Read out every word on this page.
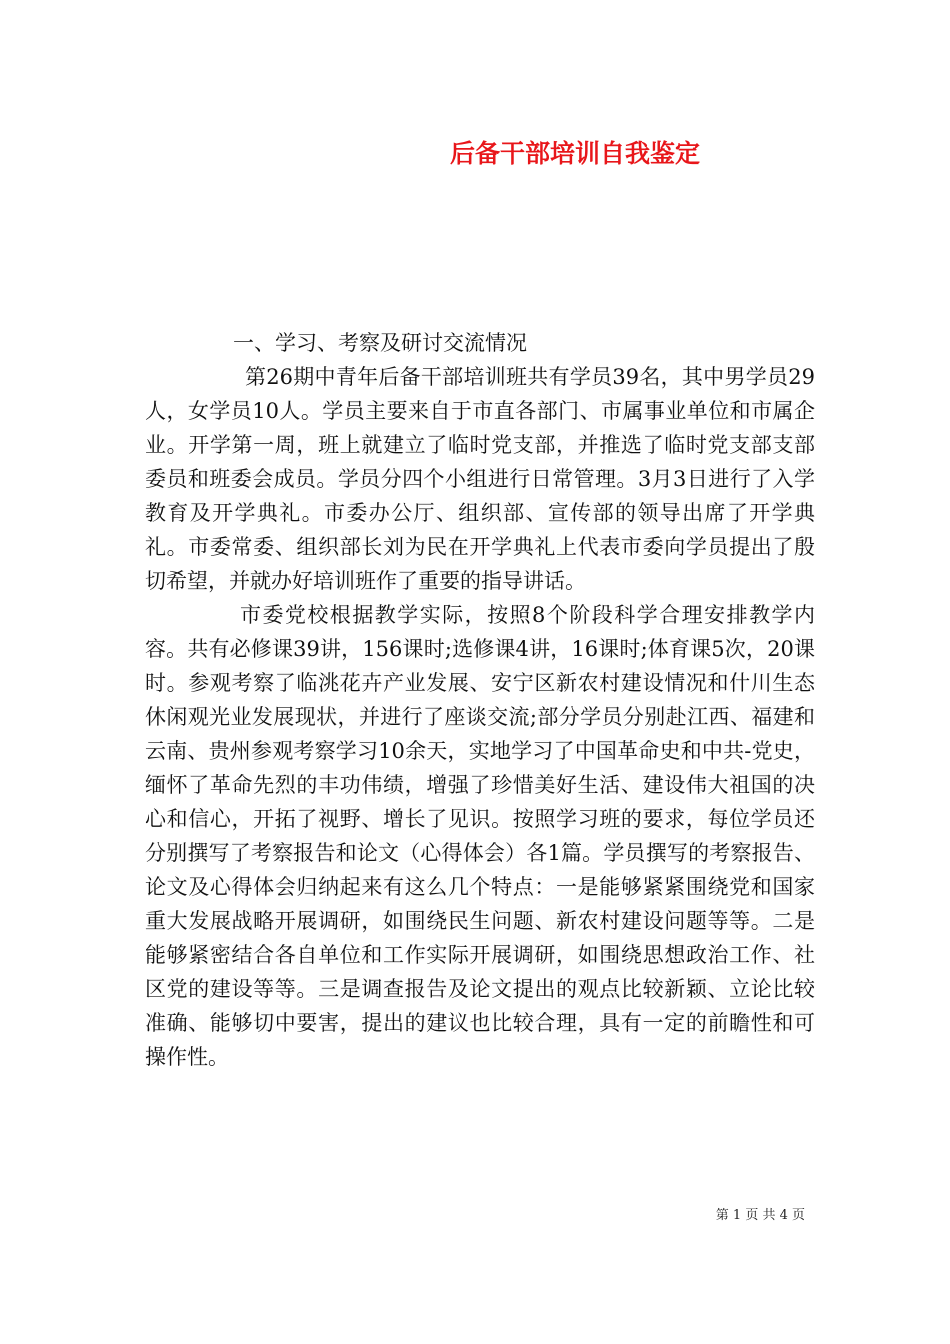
后备干部培训自我鉴定

一、学习、考察及研讨交流情况

第26期中青年后备干部培训班共有学员39名，其中男学员29人，女学员10人。学员主要来自于市直各部门、市属事业单位和市属企业。开学第一周，班上就建立了临时党支部，并推选了临时党支部支部委员和班委会成员。学员分四个小组进行日常管理。3月3日进行了入学教育及开学典礼。市委办公厅、组织部、宣传部的领导出席了开学典礼。市委常委、组织部长刘为民在开学典礼上代表市委向学员提出了殷切希望，并就办好培训班作了重要的指导讲话。

市委党校根据教学实际，按照8个阶段科学合理安排教学内容。共有必修课39讲，156课时;选修课4讲，16课时;体育课5次，20课时。参观考察了临洮花卉产业发展、安宁区新农村建设情况和什川生态休闲观光业发展现状，并进行了座谈交流;部分学员分别赴江西、福建和云南、贵州参观考察学习10余天，实地学习了中国革命史和中共-党史，缅怀了革命先烈的丰功伟绩，增强了珍惜美好生活、建设伟大祖国的决心和信心，开拓了视野、增长了见识。按照学习班的要求，每位学员还分别撰写了考察报告和论文（心得体会）各1篇。学员撰写的考察报告、论文及心得体会归纳起来有这么几个特点：一是能够紧紧围绕党和国家重大发展战略开展调研，如围绕民生问题、新农村建设问题等等。二是能够紧密结合各自单位和工作实际开展调研，如围绕思想政治工作、社区党的建设等等。三是调查报告及论文提出的观点比较新颖、立论比较准确、能够切中要害，提出的建议也比较合理，具有一定的前瞻性和可操作性。

第 1 页 共 4 页
